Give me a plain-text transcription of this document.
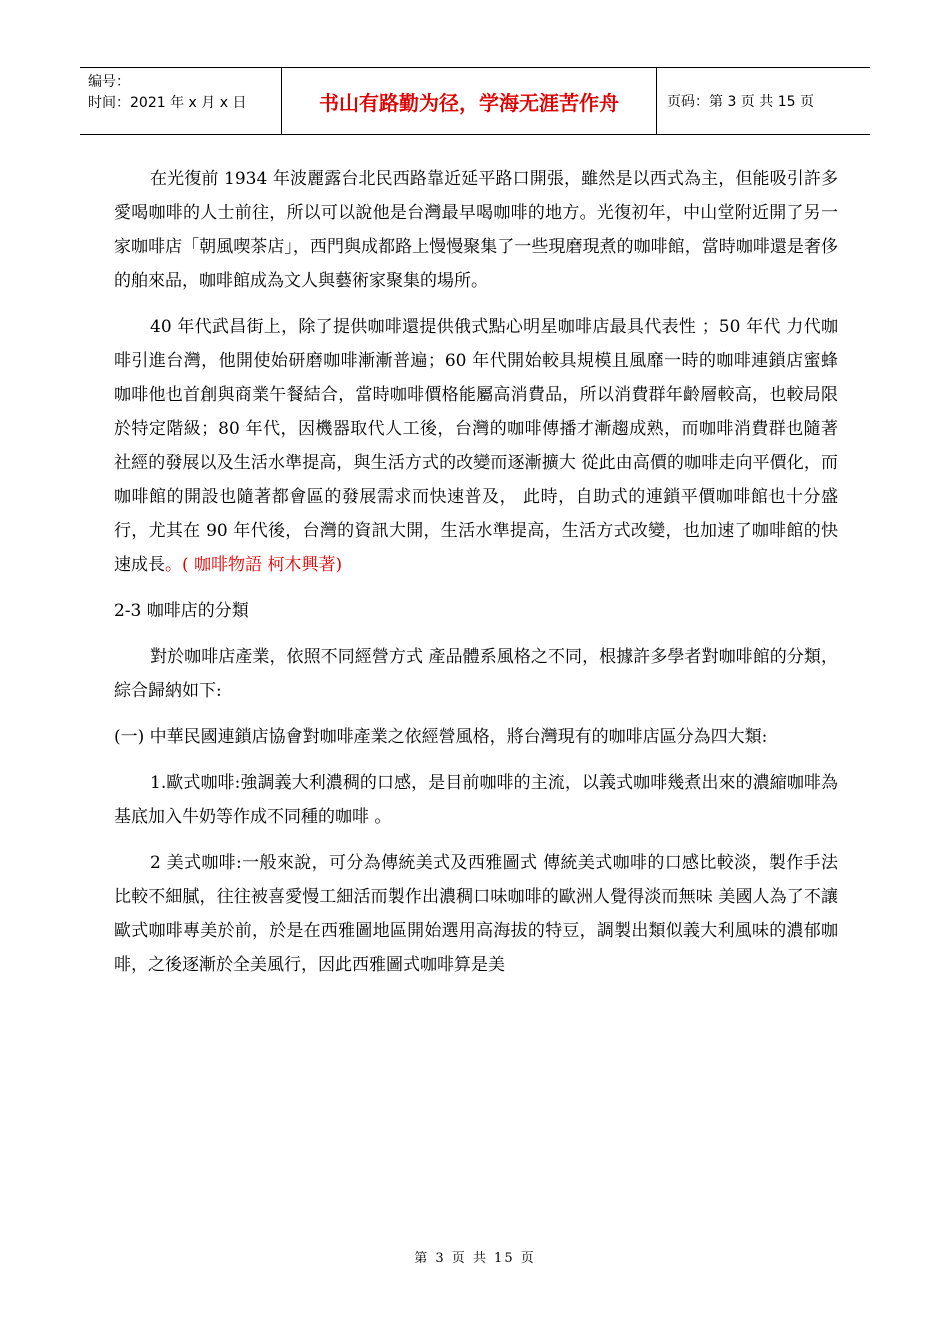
编号：
时间：2021 年 x 月 x 日	书山有路勤为径，学海无涯苦作舟	页码：第 3 页 共 15 页

在光復前 1934 年波麗露台北民西路靠近延平路口開張，雖然是以西式為主，但能吸引許多愛喝咖啡的人士前往，所以可以說他是台灣最早喝咖啡的地方。光復初年，中山堂附近開了另一家咖啡店「朝風喫茶店」，西門與成都路上慢慢聚集了一些現磨現煮的咖啡館，當時咖啡還是奢侈的舶來品，咖啡館成為文人與藝術家聚集的場所。

40 年代武昌街上，除了提供咖啡還提供俄式點心明星咖啡店最具代表性 ；50 年代 力代咖啡引進台灣，他開使始研磨咖啡漸漸普遍；60 年代開始較具規模且風靡一時的咖啡連鎖店蜜蜂咖啡他也首創與商業午餐結合，當時咖啡價格能屬高消費品，所以消費群年齡層較高，也較局限於特定階級；80 年代，因機器取代人工後，台灣的咖啡傳播才漸趨成熟，而咖啡消費群也隨著社經的發展以及生活水準提高，與生活方式的改變而逐漸擴大 從此由高價的咖啡走向平價化，而咖啡館的開設也隨著都會區的發展需求而快速普及， 此時，自助式的連鎖平價咖啡館也十分盛行，尤其在 90 年代後，台灣的資訊大開，生活水準提高，生活方式改變，也加速了咖啡館的快速成長。( 咖啡物語 柯木興著)

2-3 咖啡店的分類

對於咖啡店產業，依照不同經營方式 產品體系風格之不同，根據許多學者對咖啡館的分類，綜合歸納如下:

(一) 中華民國連鎖店協會對咖啡產業之依經營風格，將台灣現有的咖啡店區分為四大類:

1.歐式咖啡:強調義大利濃稠的口感，是目前咖啡的主流，以義式咖啡幾煮出來的濃縮咖啡為基底加入牛奶等作成不同種的咖啡 。

2 美式咖啡:一般來說，可分為傳統美式及西雅圖式 傳統美式咖啡的口感比較淡，製作手法比較不細膩，往往被喜愛慢工細活而製作出濃稠口味咖啡的歐洲人覺得淡而無味 美國人為了不讓歐式咖啡專美於前，於是在西雅圖地區開始選用高海拔的特豆，調製出類似義大利風味的濃郁咖啡，之後逐漸於全美風行，因此西雅圖式咖啡算是美

第 3 页 共 15 页
